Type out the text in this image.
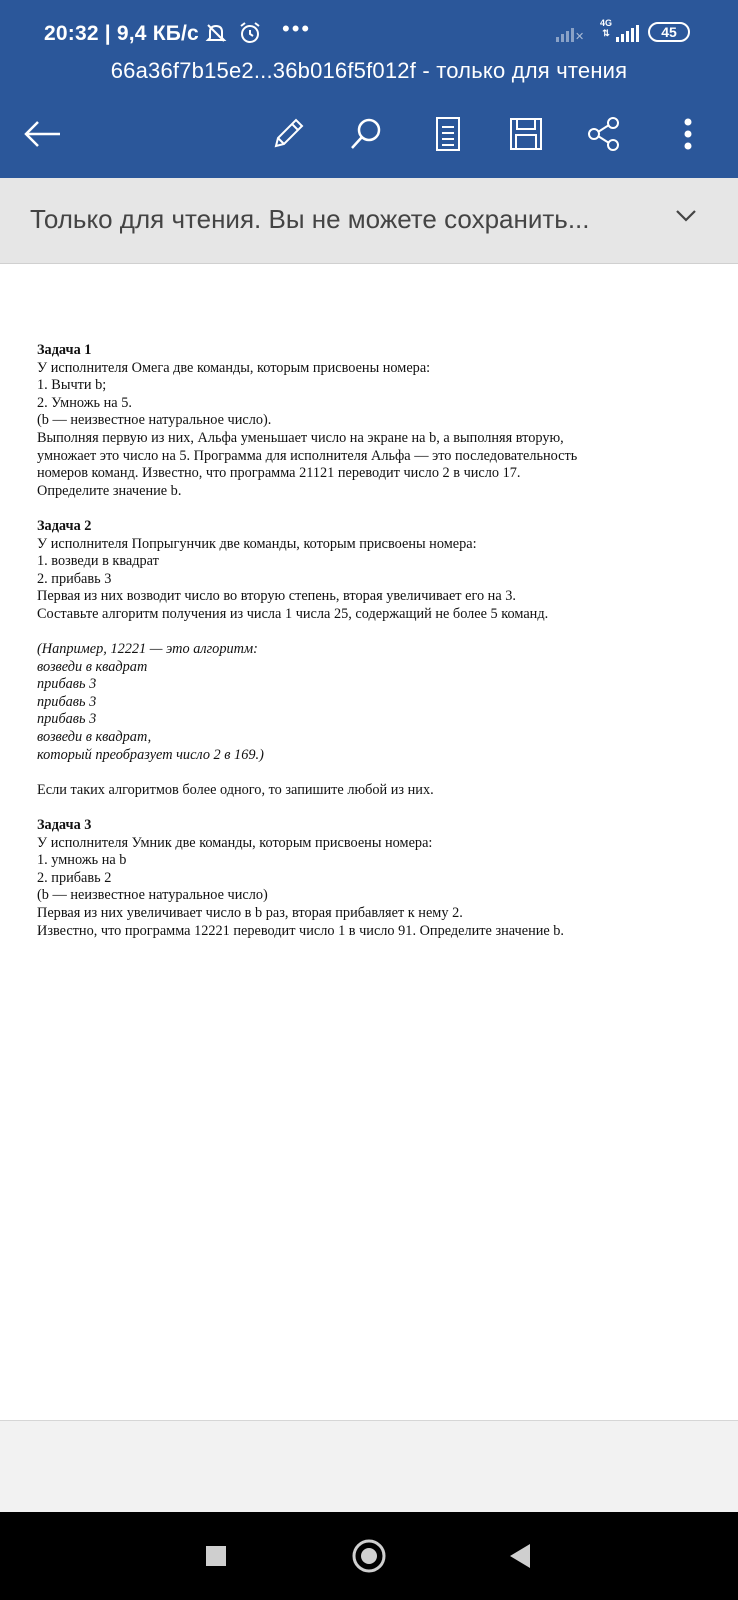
20:32 | 9,4 КБ/с	•••	✕
4G
⇅	45
66a36f7b15e2...36b016f5f012f - только для чтения
Только для чтения. Вы не можете сохранить...

Задача 1

У исполнителя Омега две команды, которым присвоены номера:

1. Вычти b;

2. Умножь на 5.

(b — неизвестное натуральное число).

Выполняя первую из них, Альфа уменьшает число на экране на b, а выполняя вторую,

умножает это число на 5. Программа для исполнителя Альфа — это последовательность

номеров команд. Известно, что программа 21121 переводит число 2 в число 17.

Определите значение b.

Задача 2

У исполнителя Попрыгунчик две команды, которым присвоены номера:

1. возведи в квадрат

2. прибавь 3

Первая из них возводит число во вторую степень, вторая увеличивает его на 3.

Составьте алгоритм получения из числа 1 числа 25, содержащий не более 5 команд.

(Например, 12221 — это алгоритм:

возведи в квадрат

прибавь 3

прибавь 3

прибавь 3

возведи в квадрат,

который преобразует число 2 в 169.)

Если таких алгоритмов более одного, то запишите любой из них.

Задача 3

У исполнителя Умник две команды, которым присвоены номера:

1. умножь на b

2. прибавь 2

(b — неизвестное натуральное число)

Первая из них увеличивает число в b раз, вторая прибавляет к нему 2.

Известно, что программа 12221 переводит число 1 в число 91. Определите значение b.
